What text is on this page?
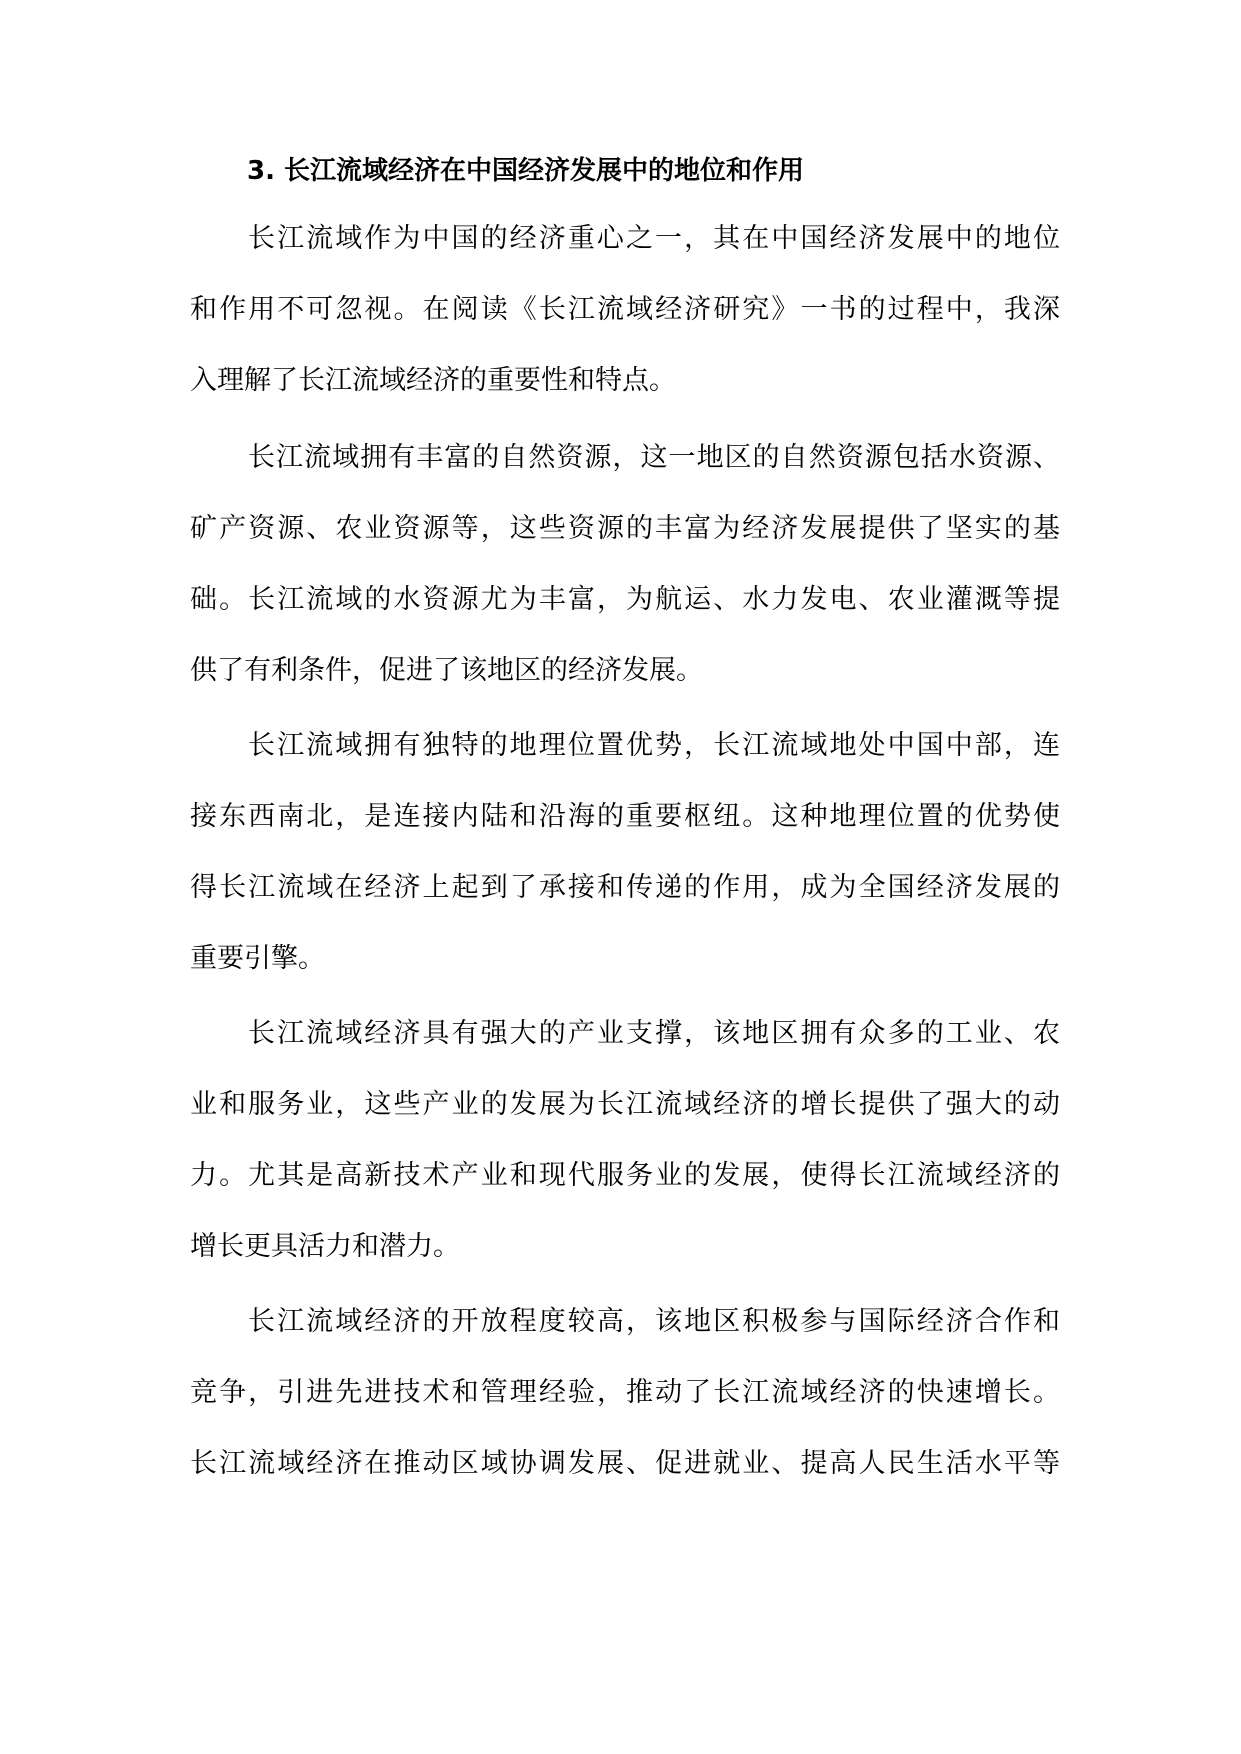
3. 长江流域经济在中国经济发展中的地位和作用
长江流域作为中国的经济重心之一，其在中国经济发展中的地位
和作用不可忽视。在阅读《长江流域经济研究》一书的过程中，我深
入理解了长江流域经济的重要性和特点。
长江流域拥有丰富的自然资源，这一地区的自然资源包括水资源、
矿产资源、农业资源等，这些资源的丰富为经济发展提供了坚实的基
础。长江流域的水资源尤为丰富，为航运、水力发电、农业灌溉等提
供了有利条件，促进了该地区的经济发展。
长江流域拥有独特的地理位置优势，长江流域地处中国中部，连
接东西南北，是连接内陆和沿海的重要枢纽。这种地理位置的优势使
得长江流域在经济上起到了承接和传递的作用，成为全国经济发展的
重要引擎。
长江流域经济具有强大的产业支撑，该地区拥有众多的工业、农
业和服务业，这些产业的发展为长江流域经济的增长提供了强大的动
力。尤其是高新技术产业和现代服务业的发展，使得长江流域经济的
增长更具活力和潜力。
长江流域经济的开放程度较高，该地区积极参与国际经济合作和
竞争，引进先进技术和管理经验，推动了长江流域经济的快速增长。
长江流域经济在推动区域协调发展、促进就业、提高人民生活水平等
